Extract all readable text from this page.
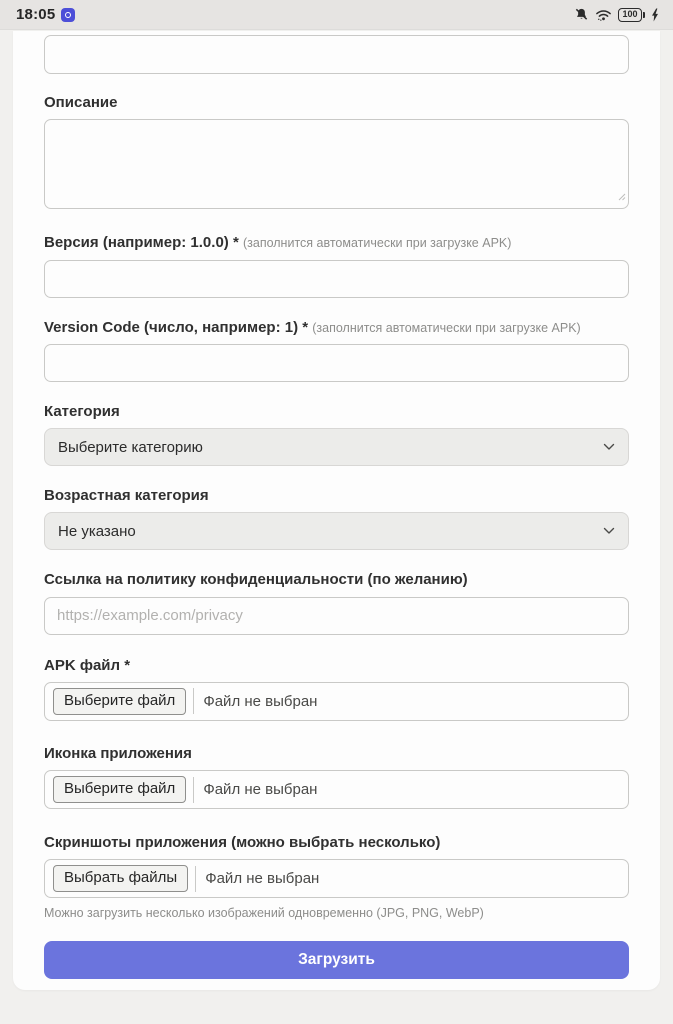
18:05	100
Описание
Версия (например: 1.0.0) * (заполнится автоматически при загрузке APK)
Version Code (число, например: 1) * (заполнится автоматически при загрузке APK)
Категория
Выберите категорию
Возрастная категория
Не указано
Ссылка на политику конфиденциальности (по желанию)
https://example.com/privacy
APK файл *
Выберите файл	Файл не выбран
Иконка приложения
Выберите файл	Файл не выбран
Скриншоты приложения (можно выбрать несколько)
Выбрать файлы	Файл не выбран
Можно загрузить несколько изображений одновременно (JPG, PNG, WebP)
Загрузить
